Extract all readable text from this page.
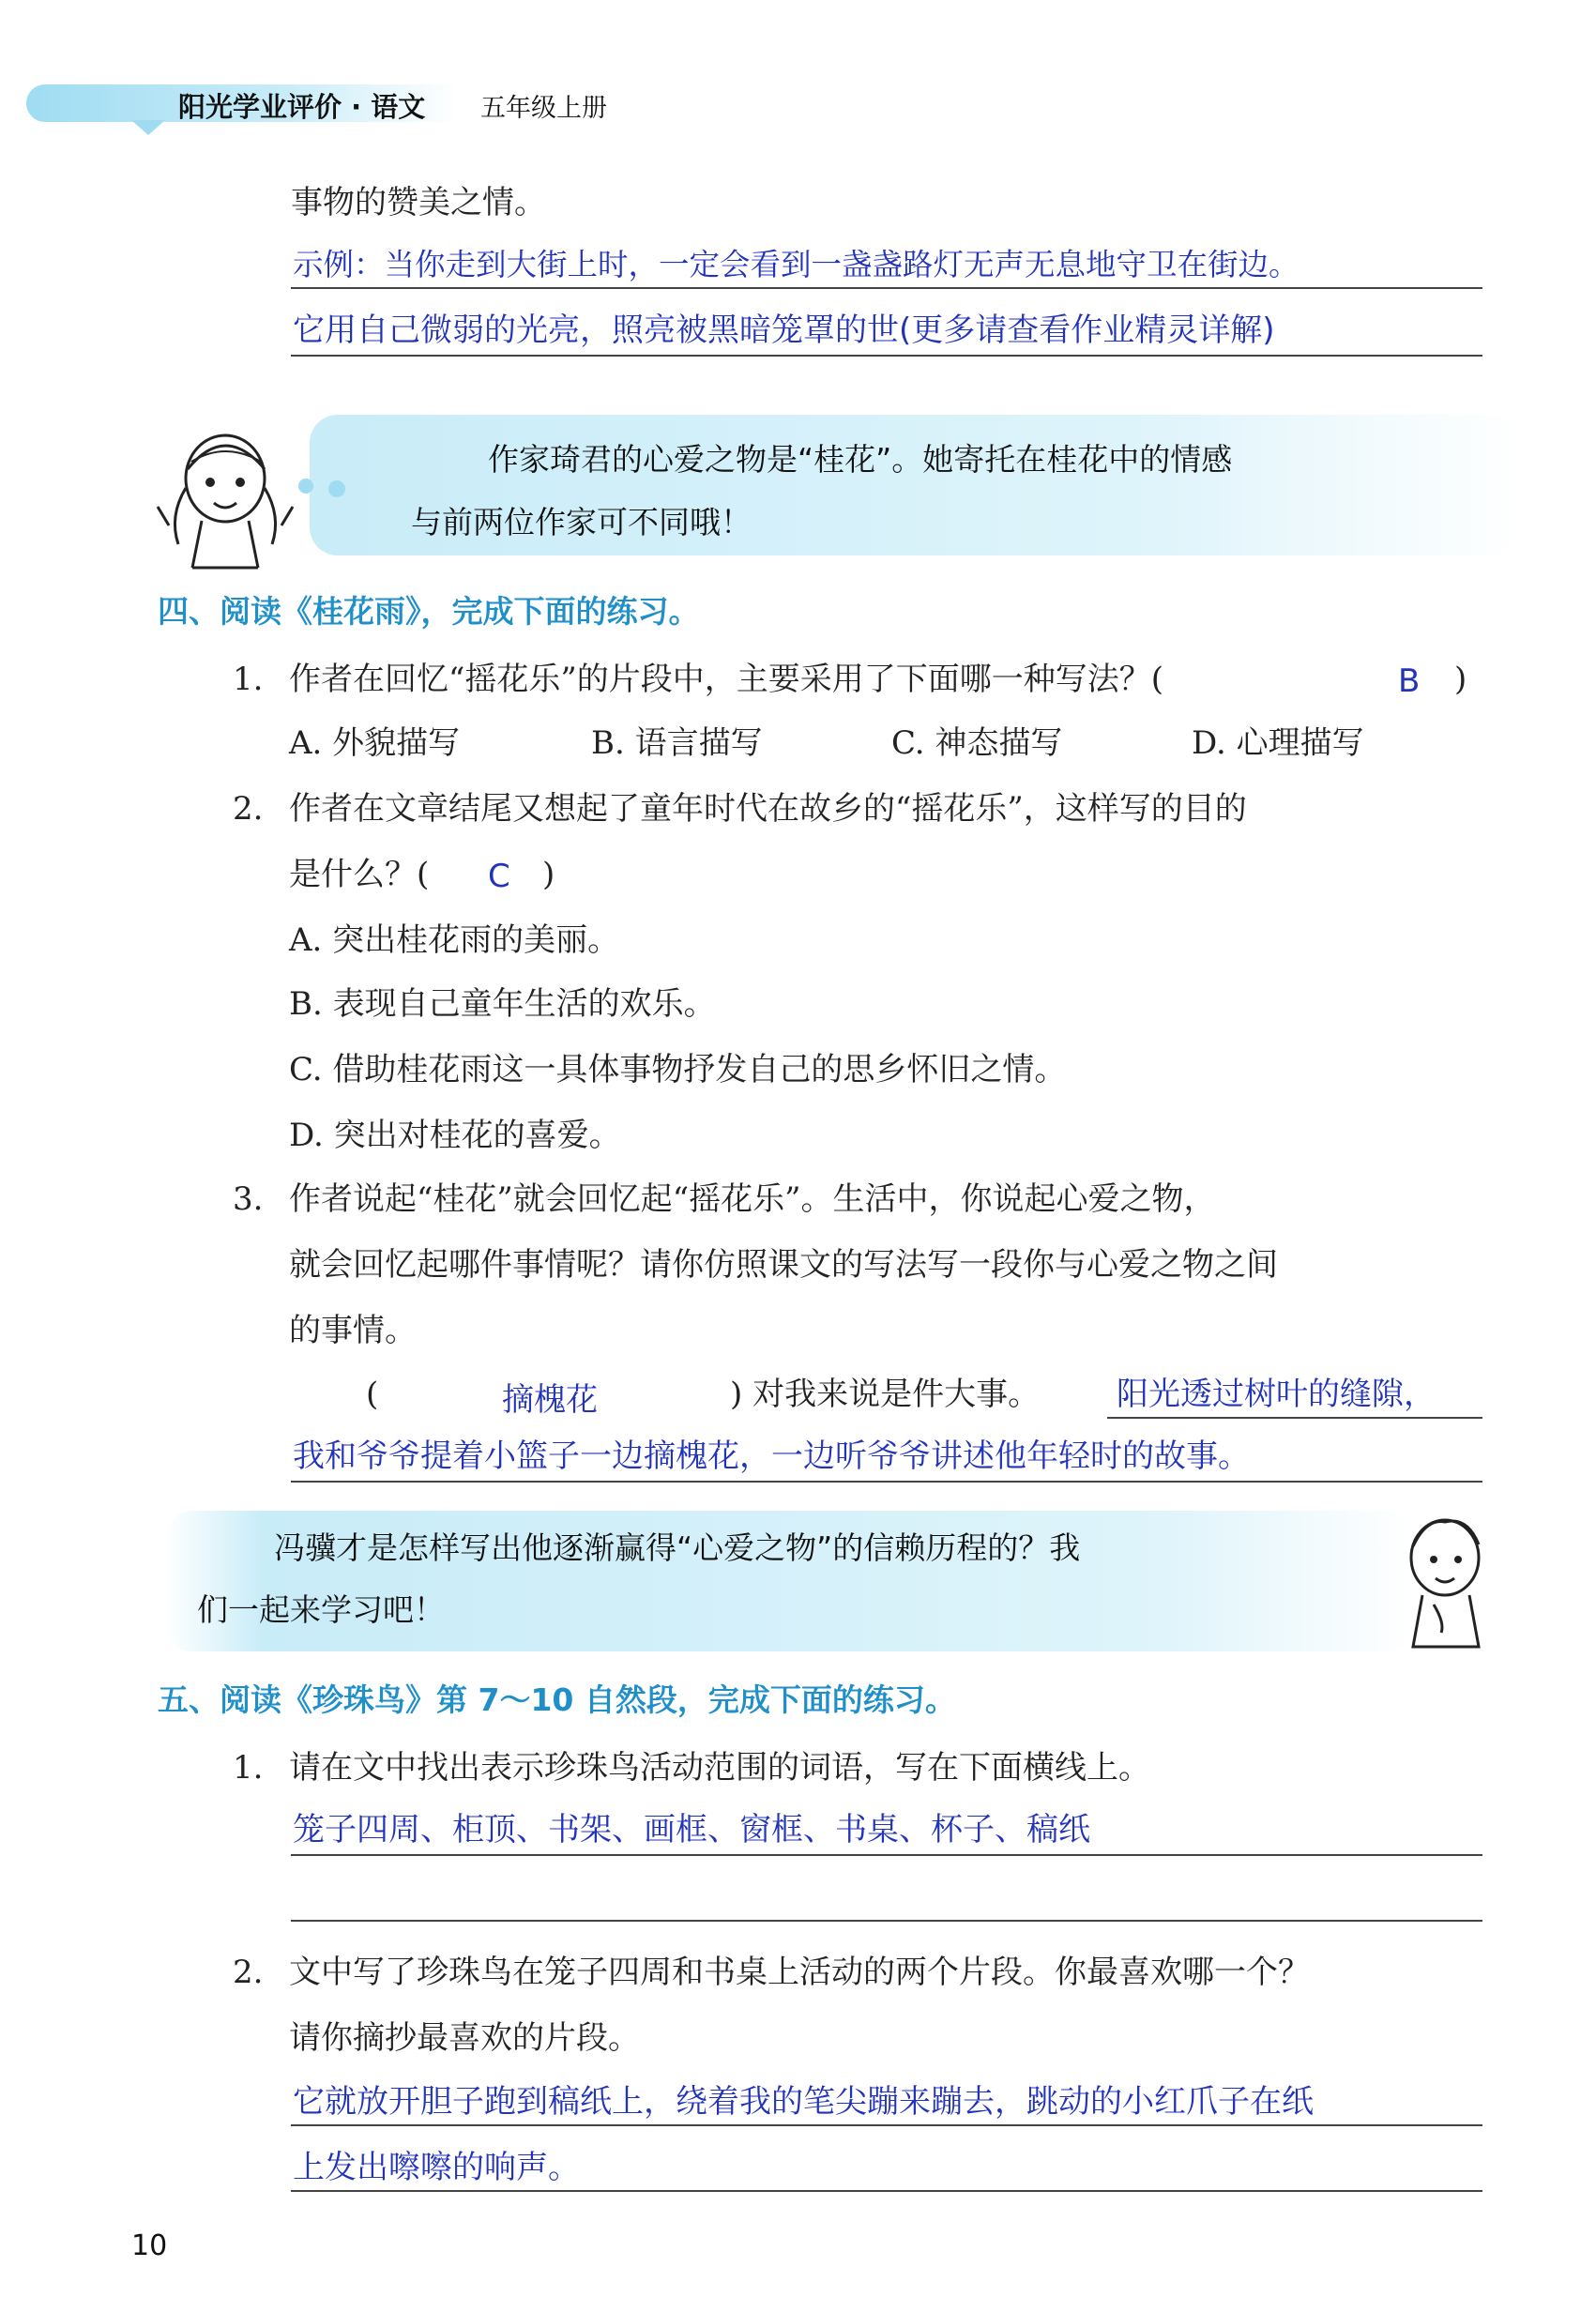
阳光学业评价 · 语文 五年级上册
事物的赞美之情。
示例：当你走到大街上时，一定会看到一盏盏路灯无声无息地守卫在街边。
它用自己微弱的光亮，照亮被黑暗笼罩的世(更多请查看作业精灵详解)
作家琦君的心爱之物是“桂花”。她寄托在桂花中的情感
与前两位作家可不同哦！
四、阅读《桂花雨》，完成下面的练习。
1. 作者在回忆“摇花乐”的片段中，主要采用了下面哪一种写法？(	B )
A. 外貌描写	B. 语言描写	C. 神态描写	D. 心理描写
2. 作者在文章结尾又想起了童年时代在故乡的“摇花乐”，这样写的目的
是什么？( C )
A. 突出桂花雨的美丽。
B. 表现自己童年生活的欢乐。
C. 借助桂花雨这一具体事物抒发自己的思乡怀旧之情。
D. 突出对桂花的喜爱。
3. 作者说起“桂花”就会回忆起“摇花乐”。生活中，你说起心爱之物，
就会回忆起哪件事情呢？请你仿照课文的写法写一段你与心爱之物之间
的事情。
(	摘槐花	) 对我来说是件大事。 阳光透过树叶的缝隙，
我和爷爷提着小篮子一边摘槐花，一边听爷爷讲述他年轻时的故事。
冯骥才是怎样写出他逐渐赢得“心爱之物”的信赖历程的？我
们一起来学习吧！
五、阅读《珍珠鸟》第 7～10 自然段，完成下面的练习。
1. 请在文中找出表示珍珠鸟活动范围的词语，写在下面横线上。
笼子四周、柜顶、书架、画框、窗框、书桌、杯子、稿纸
2. 文中写了珍珠鸟在笼子四周和书桌上活动的两个片段。你最喜欢哪一个？
请你摘抄最喜欢的片段。
它就放开胆子跑到稿纸上，绕着我的笔尖蹦来蹦去，跳动的小红爪子在纸
上发出嚓嚓的响声。
10
